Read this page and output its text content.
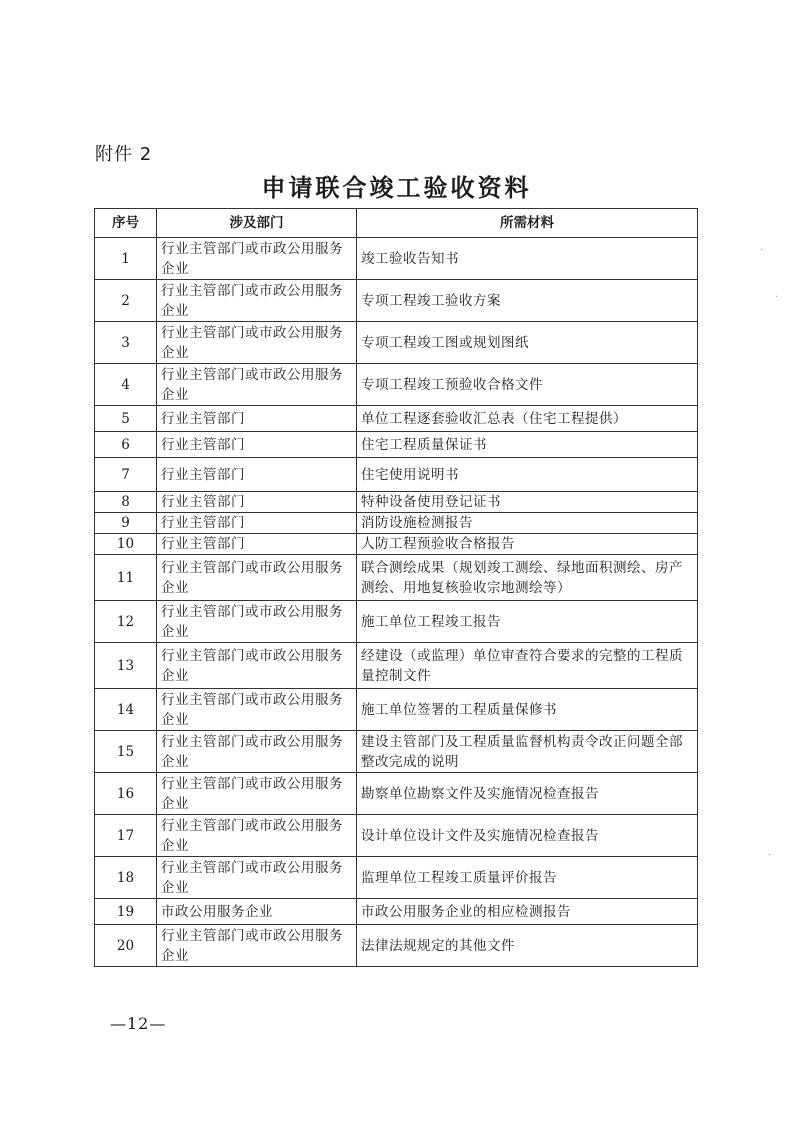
附件 2
申请联合竣工验收资料
序号	涉及部门	所需材料
1	行业主管部门或市政公用服务企业	竣工验收告知书
2	行业主管部门或市政公用服务企业	专项工程竣工验收方案
3	行业主管部门或市政公用服务企业	专项工程竣工图或规划图纸
4	行业主管部门或市政公用服务企业	专项工程竣工预验收合格文件
5	行业主管部门	单位工程逐套验收汇总表（住宅工程提供）
6	行业主管部门	住宅工程质量保证书
7	行业主管部门	住宅使用说明书
8	行业主管部门	特种设备使用登记证书
9	行业主管部门	消防设施检测报告
10	行业主管部门	人防工程预验收合格报告
11	行业主管部门或市政公用服务企业	联合测绘成果（规划竣工测绘、绿地面积测绘、房产测绘、用地复核验收宗地测绘等）
12	行业主管部门或市政公用服务企业	施工单位工程竣工报告
13	行业主管部门或市政公用服务企业	经建设（或监理）单位审查符合要求的完整的工程质量控制文件
14	行业主管部门或市政公用服务企业	施工单位签署的工程质量保修书
15	行业主管部门或市政公用服务企业	建设主管部门及工程质量监督机构责令改正问题全部整改完成的说明
16	行业主管部门或市政公用服务企业	勘察单位勘察文件及实施情况检查报告
17	行业主管部门或市政公用服务企业	设计单位设计文件及实施情况检查报告
18	行业主管部门或市政公用服务企业	监理单位工程竣工质量评价报告
19	市政公用服务企业	市政公用服务企业的相应检测报告
20	行业主管部门或市政公用服务企业	法律法规规定的其他文件
—12—
·
·
·
